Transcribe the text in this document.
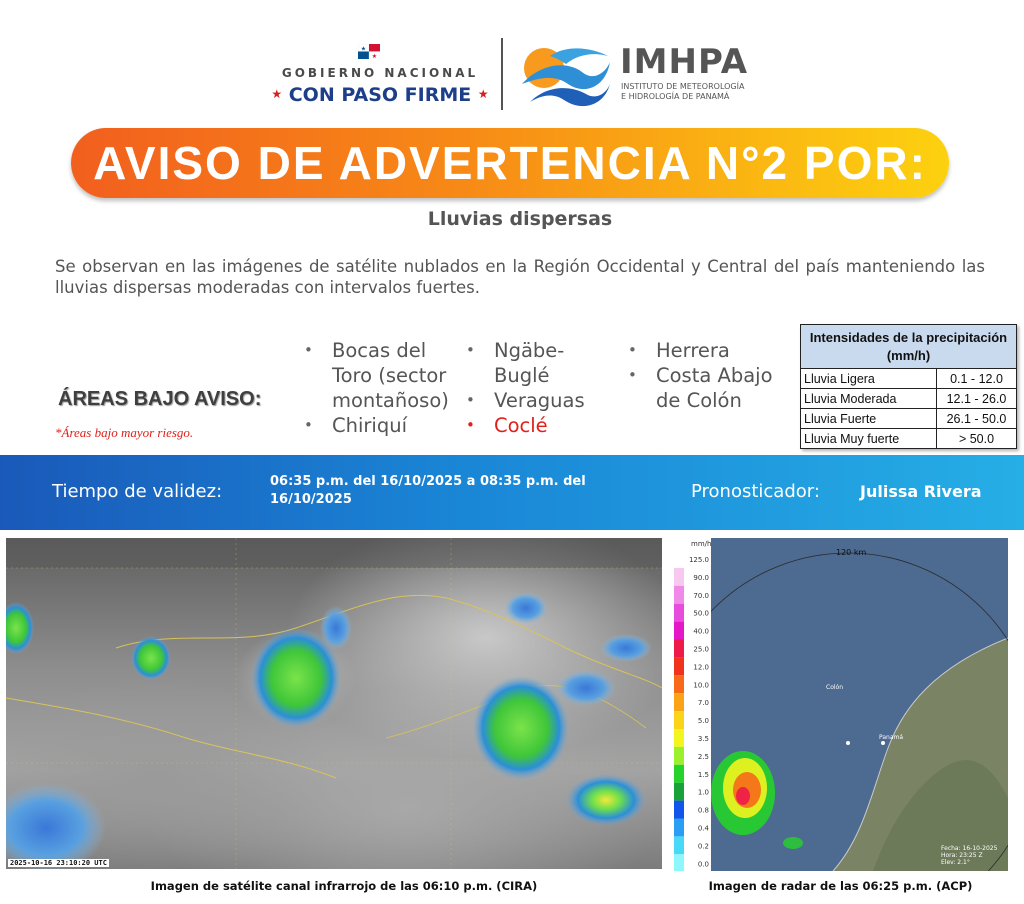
★
★
GOBIERNO NACIONAL
★ CON PASO FIRME ★
IMHPA
INSTITUTO DE METEOROLOGÍA
E HIDROLOGÍA DE PANAMÁ
AVISO DE ADVERTENCIA N°2 POR:
Lluvias dispersas
Se observan en las imágenes de satélite nublados en la Región Occidental y Central del país manteniendo las lluvias dispersas moderadas con intervalos fuertes.
ÁREAS BAJO AVISO:
*Áreas bajo mayor riesgo.
• Bocas del Toro (sector montañoso)
• Chiriquí
• Ngäbe-Buglé
• Veraguas
• Coclé
• Herrera
• Costa Abajo de Colón
Intensidades de la precipitación (mm/h)	
Lluvia Ligera	0.1 - 12.0
Lluvia Moderada	12.1 - 26.0
Lluvia Fuerte	26.1 - 50.0
Lluvia Muy fuerte	> 50.0
Tiempo de validez:	06:35 p.m. del 16/10/2025 a 08:35 p.m. del 16/10/2025	Pronosticador:	Julissa Rivera
2025-10-16 23:10:20 UTC
Imagen de satélite canal infrarrojo de las 06:10 p.m. (CIRA)
125.0
90.0
70.0
50.0
40.0
25.0
12.0
10.0
7.0
5.0
3.5
2.5
1.5
1.0
0.8
0.4
0.2
0.0
mm/h
120 km
Colón
Panamá
Fecha: 16-10-2025
Hora: 23:25 Z
Elev: 2.1°
Imagen de radar de las 06:25 p.m. (ACP)
